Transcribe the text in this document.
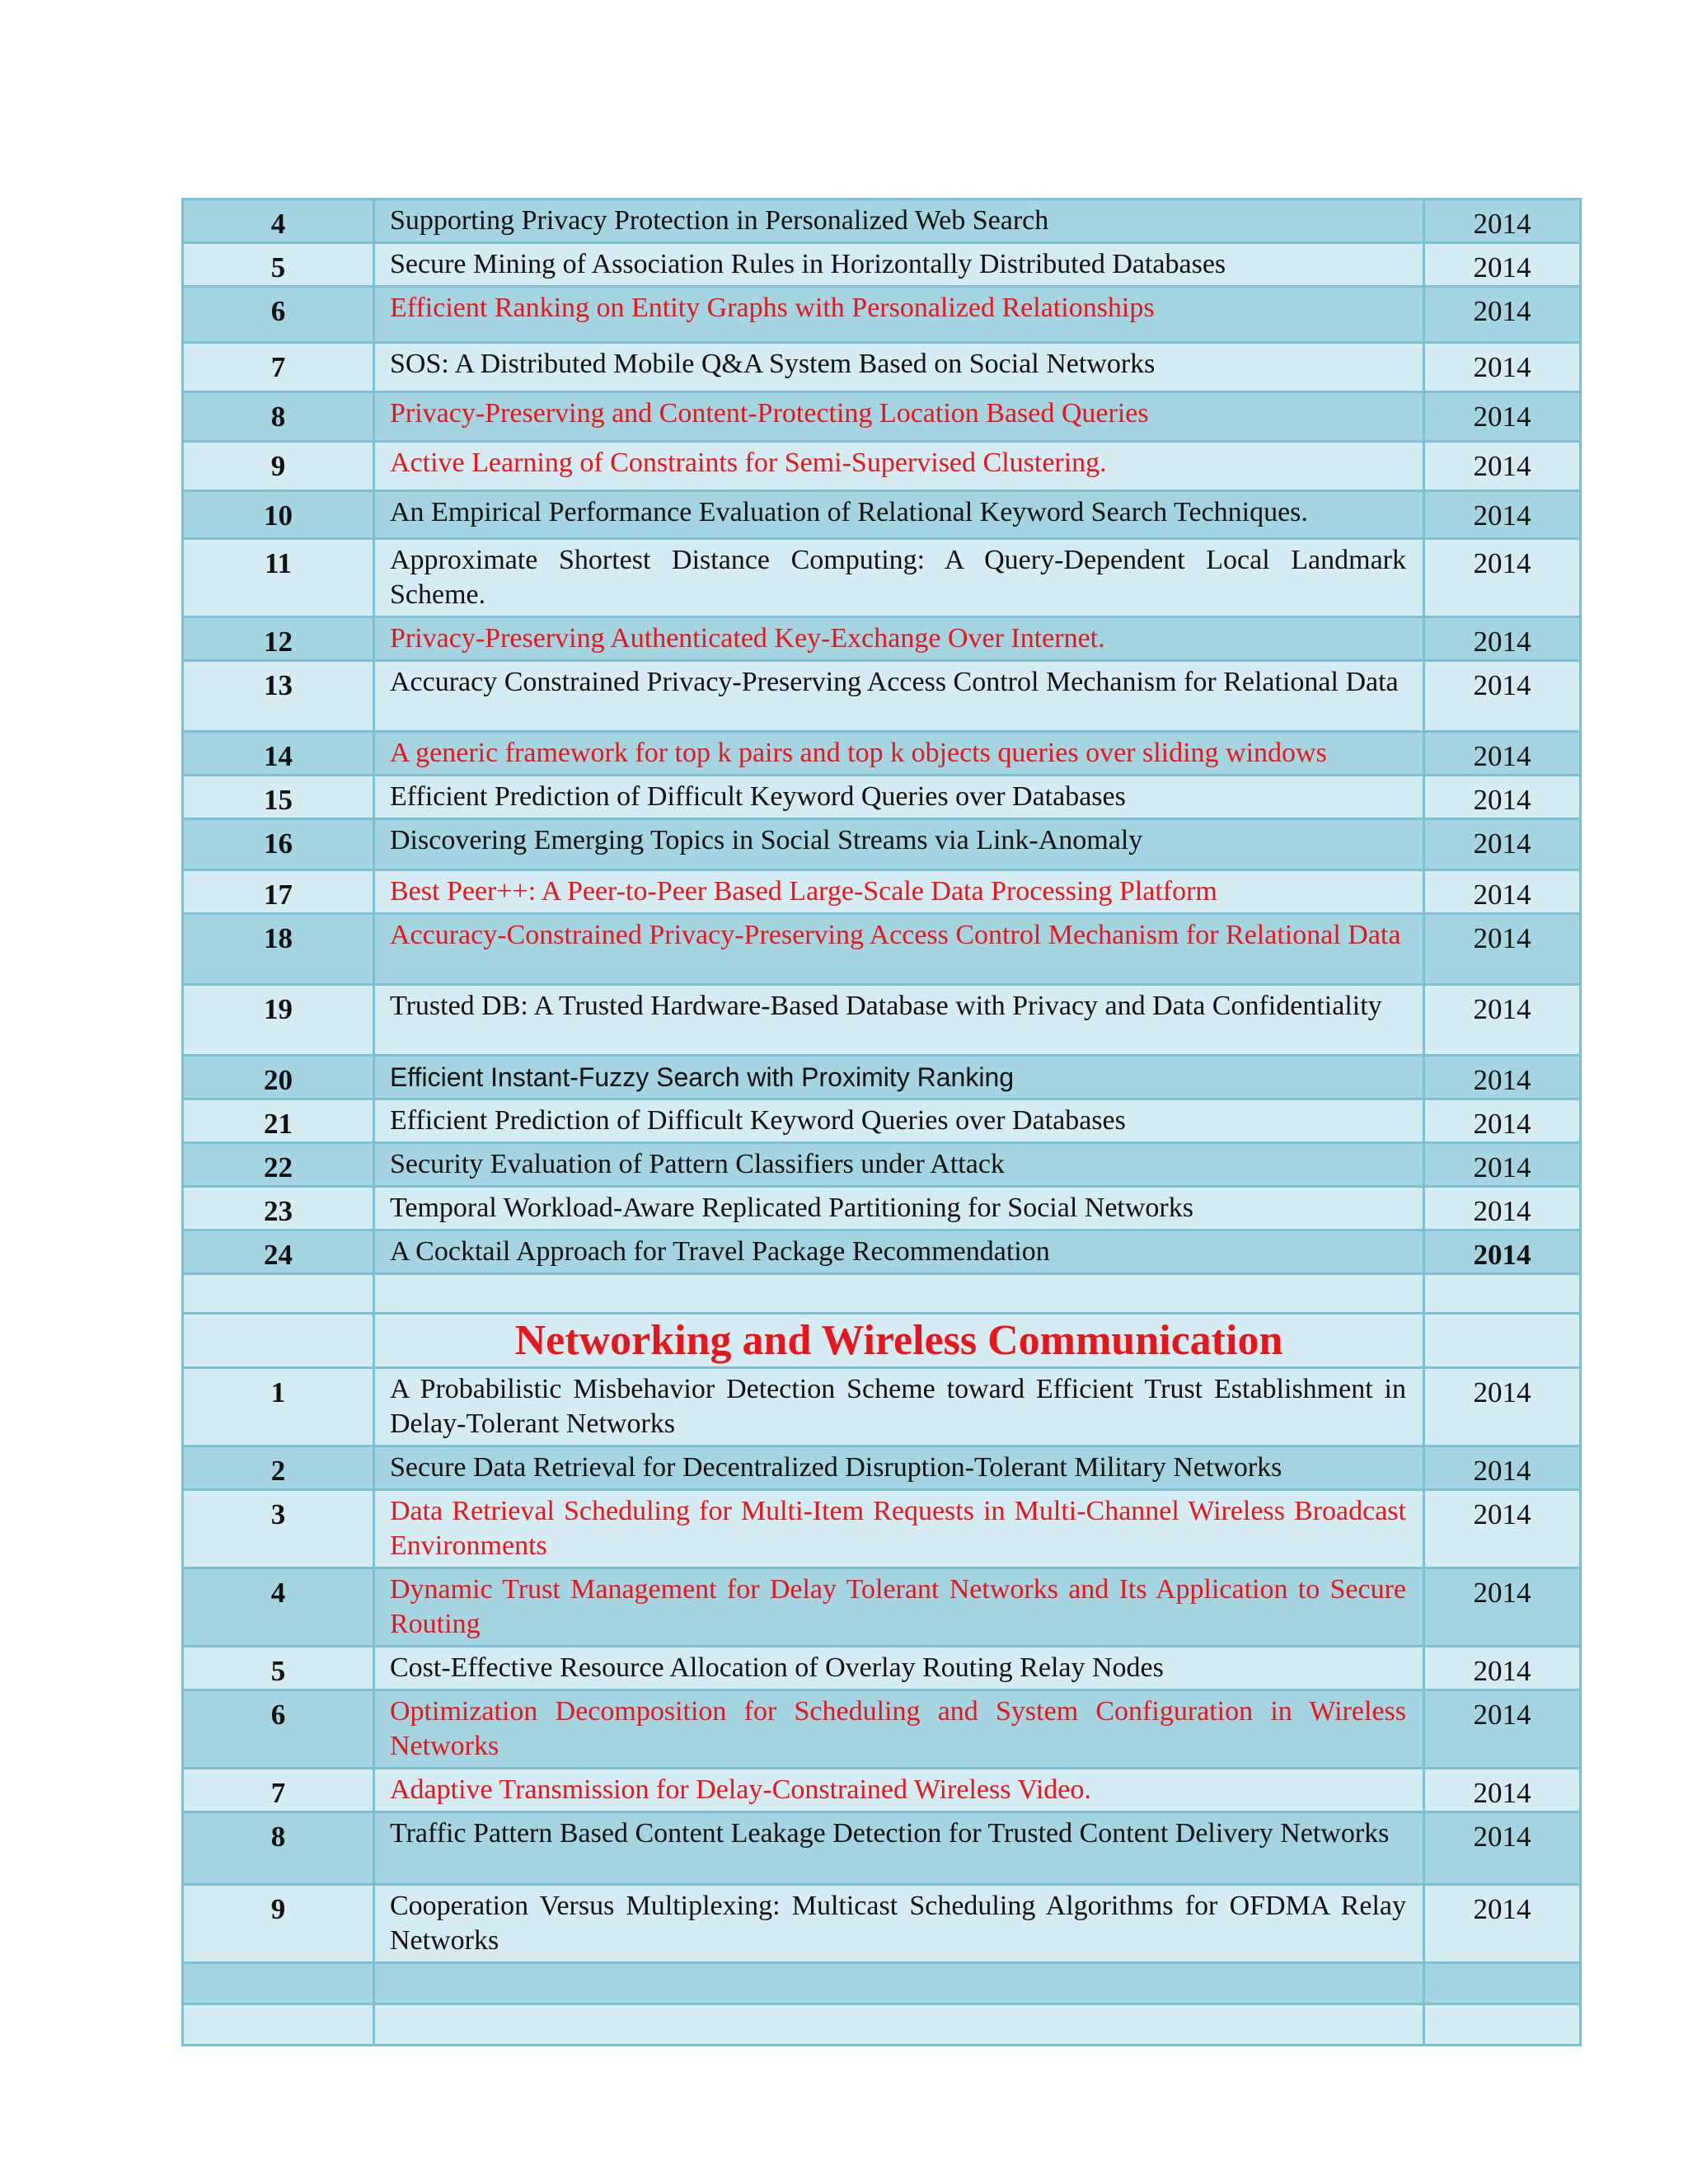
4	Supporting Privacy Protection in Personalized Web Search	2014
5	Secure Mining of Association Rules in Horizontally Distributed Databases	2014
6	Efficient Ranking on Entity Graphs with Personalized Relationships	2014
7	SOS: A Distributed Mobile Q&A System Based on Social Networks	2014
8	Privacy-Preserving and Content-Protecting Location Based Queries	2014
9	Active Learning of Constraints for Semi-Supervised Clustering.	2014
10	An Empirical Performance Evaluation of Relational Keyword Search Techniques.	2014
11	Approximate Shortest Distance Computing: A Query-Dependent Local Landmark Scheme.	2014
12	Privacy-Preserving Authenticated Key-Exchange Over Internet.	2014
13	Accuracy Constrained Privacy-Preserving Access Control Mechanism for Relational Data	2014
14	A generic framework for top k pairs and top k objects queries over sliding windows	2014
15	Efficient Prediction of Difficult Keyword Queries over Databases	2014
16	Discovering Emerging Topics in Social Streams via Link-Anomaly	2014
17	Best Peer++: A Peer-to-Peer Based Large-Scale Data Processing Platform	2014
18	Accuracy-Constrained Privacy-Preserving Access Control Mechanism for Relational Data	2014
19	Trusted DB: A Trusted Hardware-Based Database with Privacy and Data Confidentiality	2014
20	Efficient Instant-Fuzzy Search with Proximity Ranking	2014
21	Efficient Prediction of Difficult Keyword Queries over Databases	2014
22	Security Evaluation of Pattern Classifiers under Attack	2014
23	Temporal Workload-Aware Replicated Partitioning for Social Networks	2014
24	A Cocktail Approach for Travel Package Recommendation	2014

	Networking and Wireless Communication	
1	A Probabilistic Misbehavior Detection Scheme toward Efficient Trust Establishment in Delay-Tolerant Networks	2014
2	Secure Data Retrieval for Decentralized Disruption-Tolerant Military Networks	2014
3	Data Retrieval Scheduling for Multi-Item Requests in Multi-Channel Wireless Broadcast Environments	2014
4	Dynamic Trust Management for Delay Tolerant Networks and Its Application to Secure Routing	2014
5	Cost-Effective Resource Allocation of Overlay Routing Relay Nodes	2014
6	Optimization Decomposition for Scheduling and System Configuration in Wireless Networks	2014
7	Adaptive Transmission for Delay-Constrained Wireless Video.	2014
8	Traffic Pattern Based Content Leakage Detection for Trusted Content Delivery Networks	2014
9	Cooperation Versus Multiplexing: Multicast Scheduling Algorithms for OFDMA Relay Networks	2014
